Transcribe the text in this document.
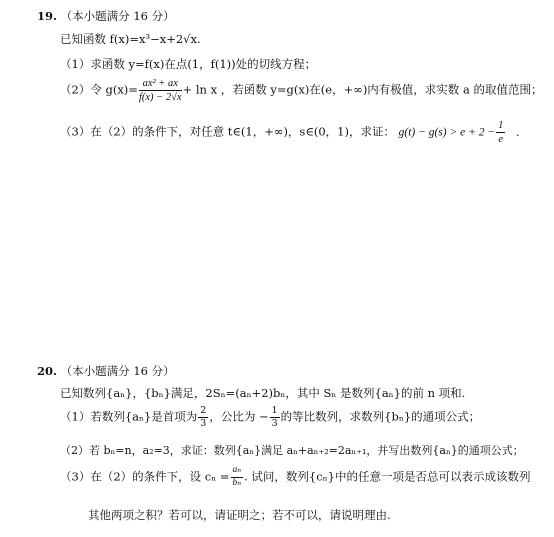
19. （本小题满分 16 分）
已知函数 f(x)=x³−x+2√x.
（1）求函数 y=f(x)在点(1，f(1))处的切线方程；
（2）令 $g(x)= \frac{\text{ax² + ax}}{f(x) - 2√x} + \ln x$ ，若函数 y=g(x)在(e，+∞)内有极值，求实数 a 的取值范围；
（3）在（2）的条件下，对任意 t∈(1，+∞)，s∈(0，1)，求证： $g(t) - g(s) > e + 2 - \frac{1}{e}$ .
20. （本小题满分 16 分）
已知数列{aₙ}，{bₙ}满足，2Sₙ=(aₙ+2)bₙ，其中 Sₙ 是数列{aₙ}的前 n 项和.
（1）若数列{aₙ}是首项为 $\frac{2}{3}$ ，公比为 − $\frac{1}{3}$ 的等比数列，求数列{bₙ}的通项公式；
（2）若 bₙ=n，a₂=3，求证：数列{aₙ}满足 aₙ+aₙ₊₂=2aₙ₊₁，并写出数列{aₙ}的通项公式；
（3）在（2）的条件下，设 $c_n = \frac{\text{aₙ}}{\text{bₙ}}$ . 试问，数列{cₙ}中的任意一项是否总可以表示成该数列
其他两项之积？若可以，请证明之；若不可以，请说明理由.
